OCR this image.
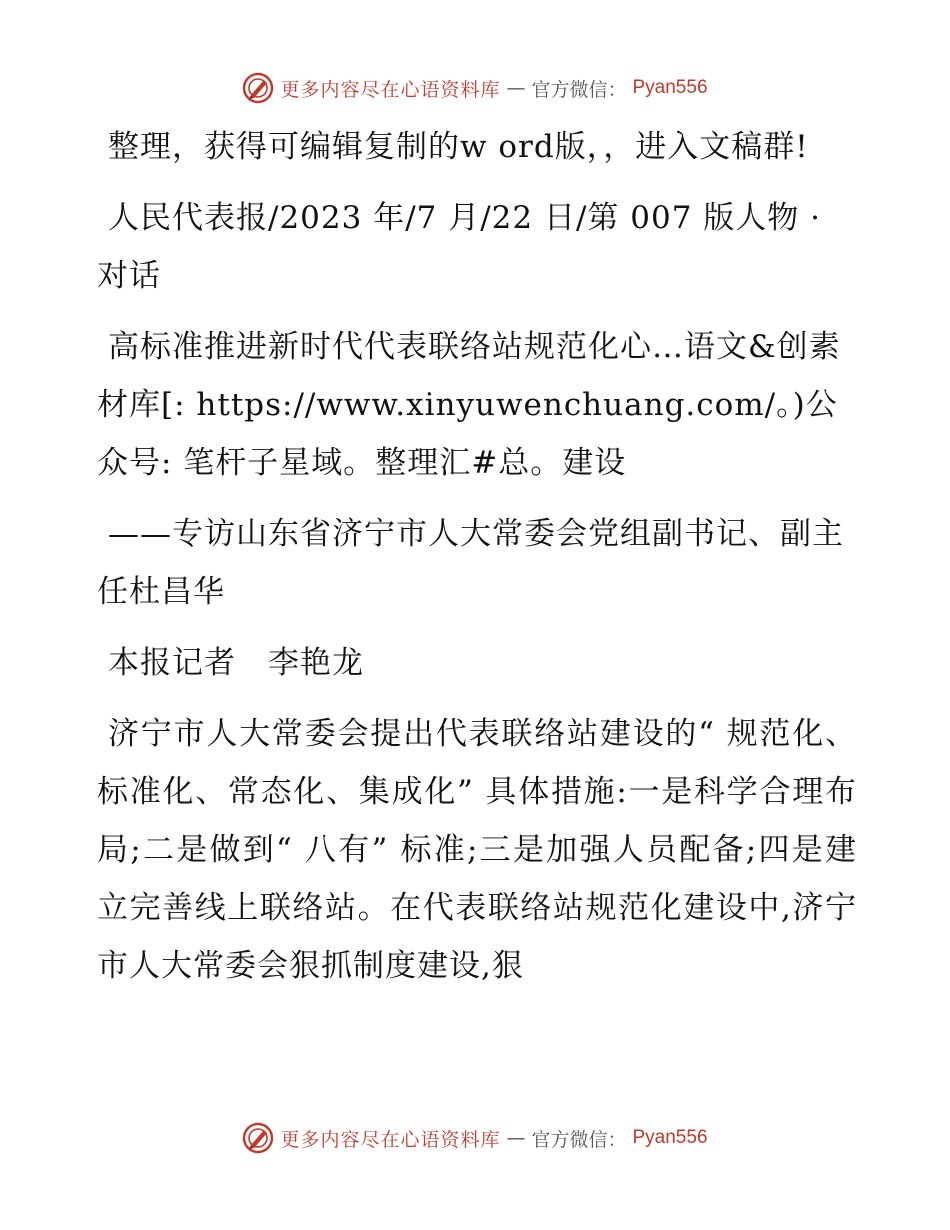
更多内容尽在心语资料库 — 官方微信： Pyan556

整理，获得可编辑复制的w ord版，，进入文稿群!

人民代表报/2023 年/7 月/22 日/第 007 版人物 · 对话

高标准推进新时代代表联络站规范化心…语文&创素材库[: https://www.xinyuwenchuang.com/。)公众号: 笔杆子星域。整理汇#总。建设

——专访山东省济宁市人大常委会党组副书记、副主任杜昌华

本报记者　李艳龙

济宁市人大常委会提出代表联络站建设的“ 规范化、标准化、常态化、集成化” 具体措施:一是科学合理布局;二是做到“ 八有” 标准;三是加强人员配备;四是建立完善线上联络站。在代表联络站规范化建设中,济宁市人大常委会狠抓制度建设,狠

更多内容尽在心语资料库 — 官方微信： Pyan556
